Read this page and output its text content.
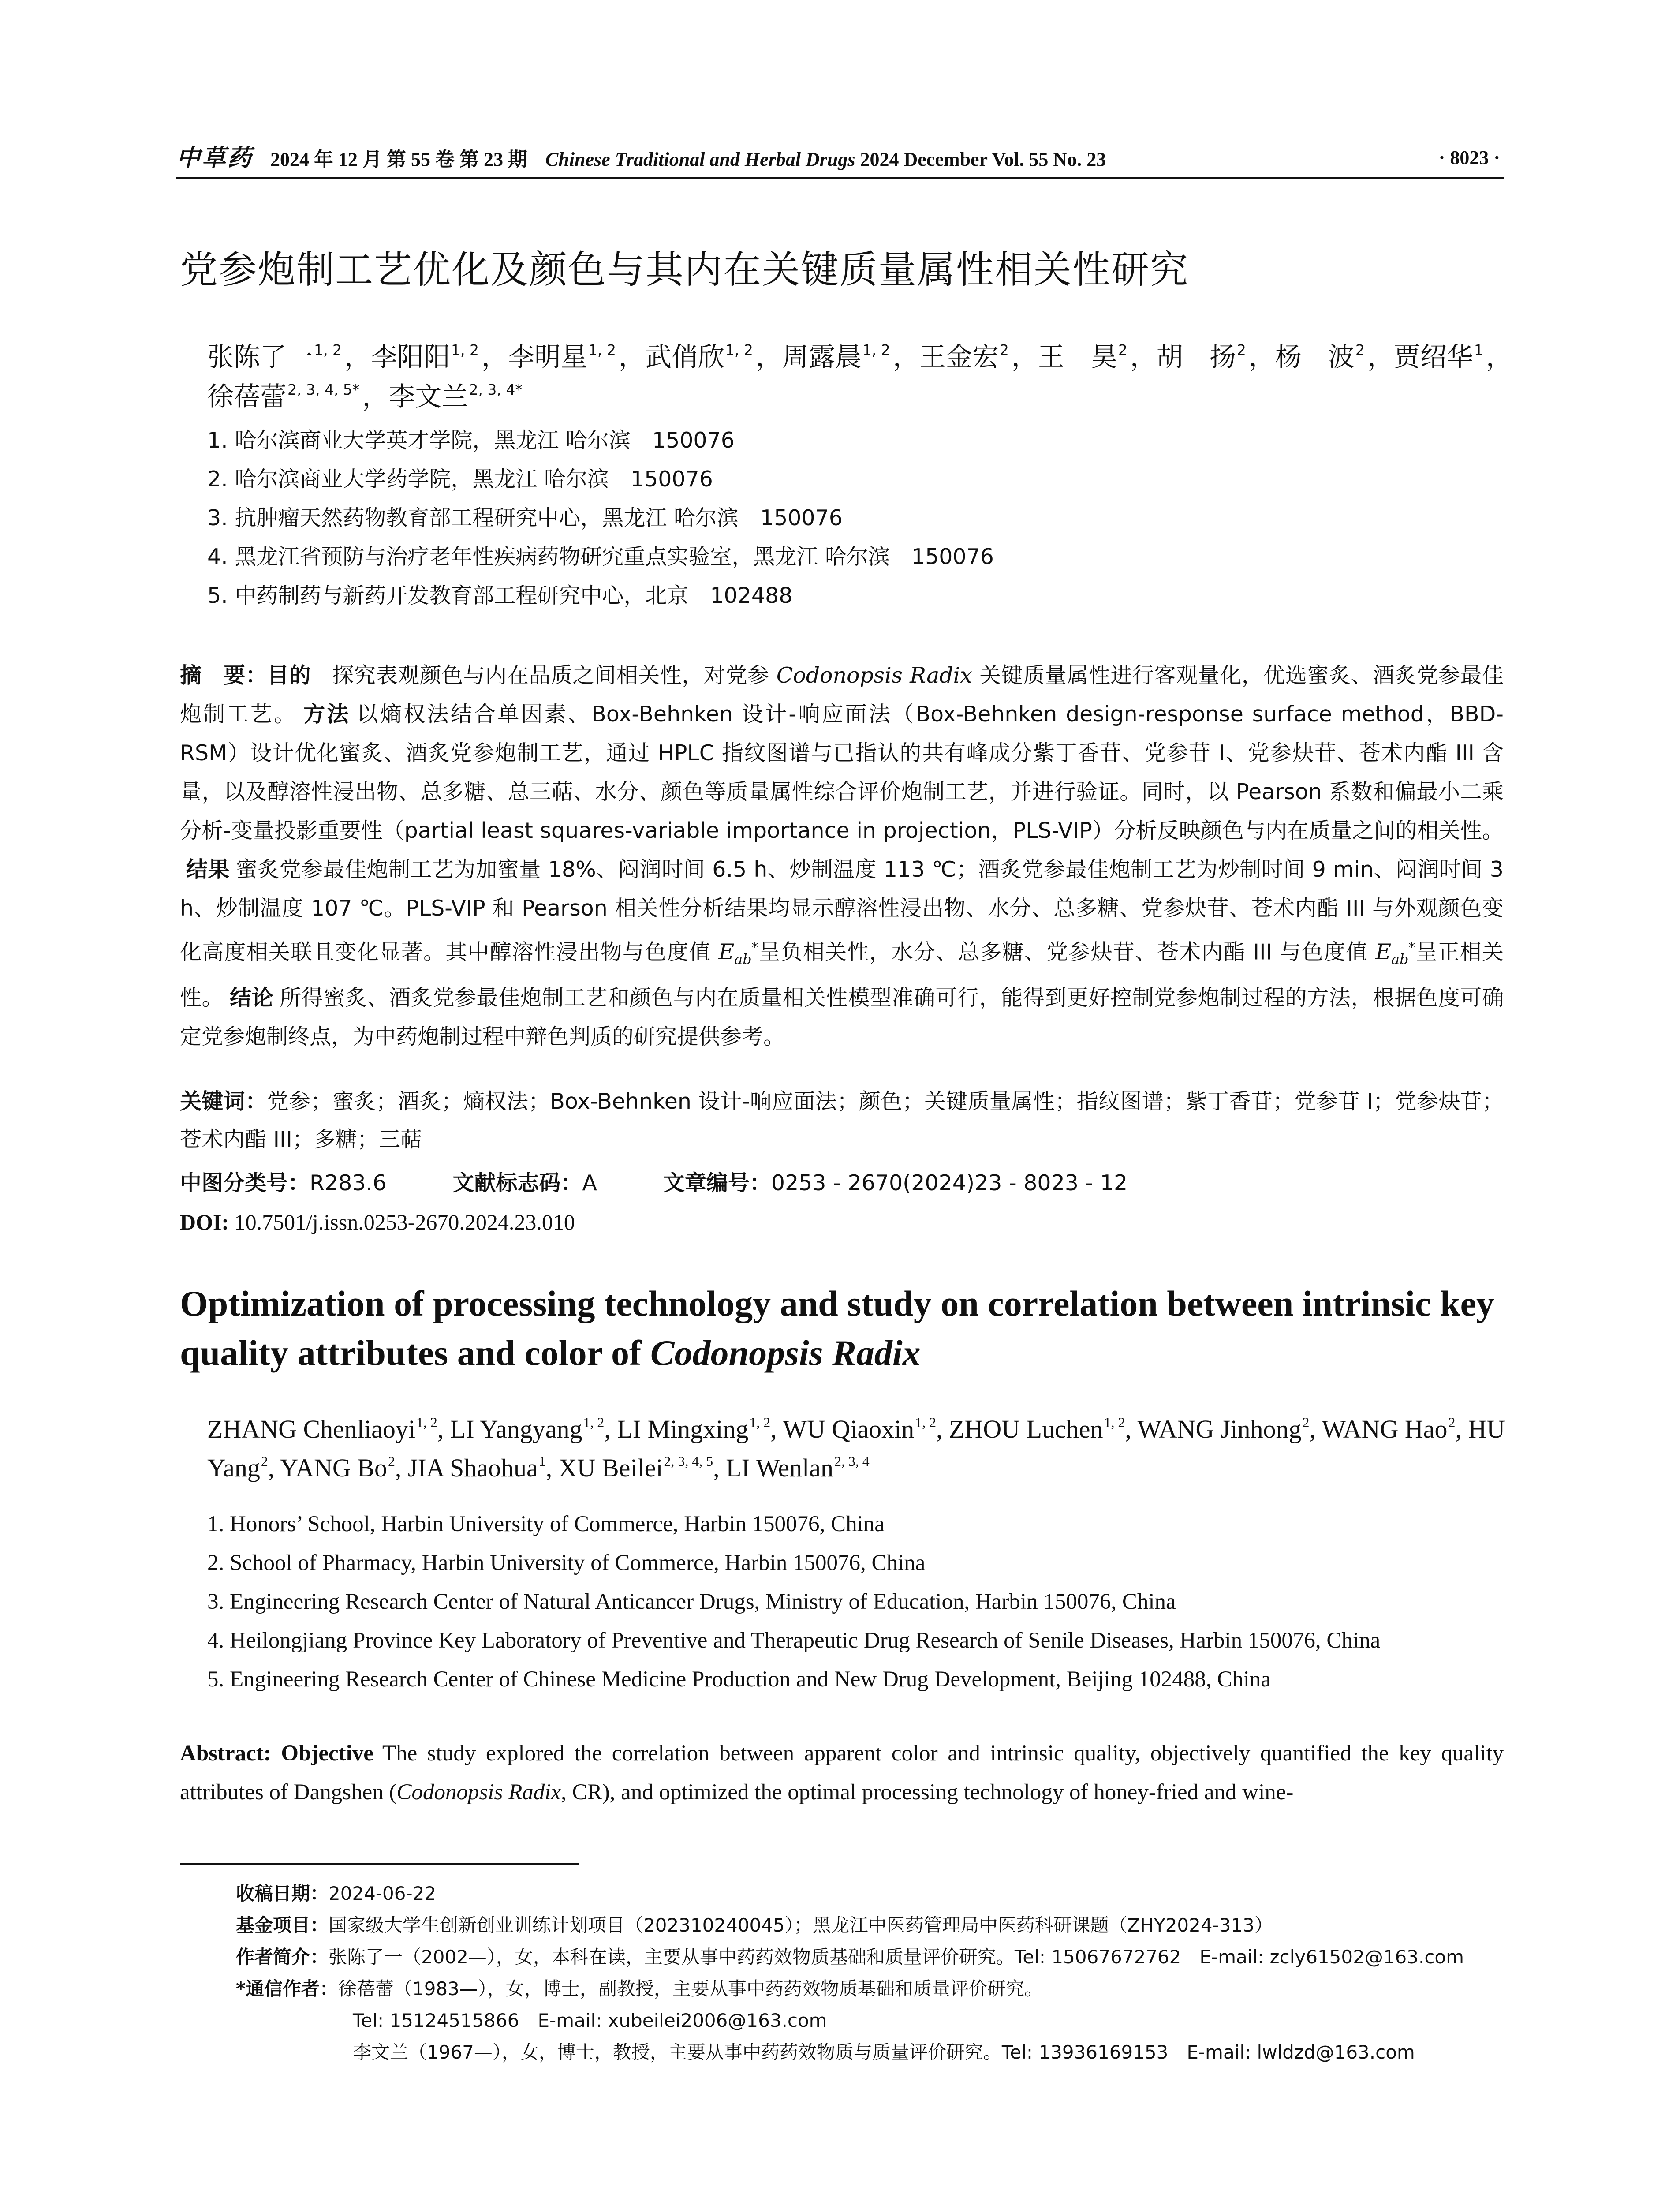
中草药 2024 年 12 月 第 55 卷 第 23 期 Chinese Traditional and Herbal Drugs 2024 December Vol. 55 No. 23	· 8023 ·
党参炮制工艺优化及颜色与其内在关键质量属性相关性研究
张陈了一$^{1, 2}$ ，李阳阳$^{1, 2}$ ，李明星$^{1, 2}$ ，武俏欣$^{1, 2}$ ，周露晨$^{1, 2}$ ，王金宏$^2$ ，王　昊$^2$ ，胡　扬$^2$ ，杨　波$^2$ ，贾绍华$^1$ ，徐蓓蕾$^{2, 3, 4, 5*}$ ，李文兰$^{2, 3, 4*}$
1. 哈尔滨商业大学英才学院，黑龙江 哈尔滨　150076
2. 哈尔滨商业大学药学院，黑龙江 哈尔滨　150076
3. 抗肿瘤天然药物教育部工程研究中心，黑龙江 哈尔滨　150076
4. 黑龙江省预防与治疗老年性疾病药物研究重点实验室，黑龙江 哈尔滨　150076
5. 中药制药与新药开发教育部工程研究中心，北京　102488
摘　要：目的 探究表观颜色与内在品质之间相关性，对党参 Codonopsis Radix 关键质量属性进行客观量化，优选蜜炙、酒炙党参最佳炮制工艺。 方法 以熵权法结合单因素、Box-Behnken 设计-响应面法（Box-Behnken design-response surface method，BBD-RSM）设计优化蜜炙、酒炙党参炮制工艺，通过 HPLC 指纹图谱与已指认的共有峰成分紫丁香苷、党参苷 I、党参炔苷、苍术内酯 III 含量，以及醇溶性浸出物、总多糖、总三萜、水分、颜色等质量属性综合评价炮制工艺，并进行验证。同时，以 Pearson 系数和偏最小二乘分析-变量投影重要性（partial least squares-variable importance in projection，PLS-VIP）分析反映颜色与内在质量之间的相关性。结果 蜜炙党参最佳炮制工艺为加蜜量 18%、闷润时间 6.5 h、炒制温度 113 ℃；酒炙党参最佳炮制工艺为炒制时间 9 min、闷润时间 3 h、炒制温度 107 ℃。PLS-VIP 和 Pearson 相关性分析结果均显示醇溶性浸出物、水分、总多糖、党参炔苷、苍术内酯 III 与外观颜色变化高度相关联且变化显著。其中醇溶性浸出物与色度值 $E_{ab}^*$呈负相关性，水分、总多糖、党参炔苷、苍术内酯 III 与色度值 $E_{ab}^*$呈正相关性。 结论 所得蜜炙、酒炙党参最佳炮制工艺和颜色与内在质量相关性模型准确可行，能得到更好控制党参炮制过程的方法，根据色度可确定党参炮制终点，为中药炮制过程中辩色判质的研究提供参考。
关键词：党参；蜜炙；酒炙；熵权法；Box-Behnken 设计-响应面法；颜色；关键质量属性；指纹图谱；紫丁香苷；党参苷 I；党参炔苷；苍术内酯 III；多糖；三萜
中图分类号：R283.6	文献标志码：A	文章编号：0253 - 2670(2024)23 - 8023 - 12
DOI: 10.7501/j.issn.0253-2670.2024.23.010
Optimization of processing technology and study on correlation between intrinsic key quality attributes and color of Codonopsis Radix
ZHANG Chenliaoyi$^{1, 2}$, LI Yangyang$^{1, 2}$, LI Mingxing$^{1, 2}$, WU Qiaoxin$^{1, 2}$, ZHOU Luchen$^{1, 2}$, WANG Jinhong$^2$, WANG Hao$^2$, HU Yang$^2$, YANG Bo$^2$, JIA Shaohua$^1$, XU Beilei$^{2, 3, 4, 5}$, LI Wenlan$^{2, 3, 4}$
1. Honors’ School, Harbin University of Commerce, Harbin 150076, China
2. School of Pharmacy, Harbin University of Commerce, Harbin 150076, China
3. Engineering Research Center of Natural Anticancer Drugs, Ministry of Education, Harbin 150076, China
4. Heilongjiang Province Key Laboratory of Preventive and Therapeutic Drug Research of Senile Diseases, Harbin 150076, China
5. Engineering Research Center of Chinese Medicine Production and New Drug Development, Beijing 102488, China
Abstract: Objective The study explored the correlation between apparent color and intrinsic quality, objectively quantified the key quality attributes of Dangshen (Codonopsis Radix, CR), and optimized the optimal processing technology of honey-fried and wine-
收稿日期：2024-06-22
基金项目：国家级大学生创新创业训练计划项目（202310240045）；黑龙江中医药管理局中医药科研课题（ZHY2024-313）
作者简介：张陈了一（2002—），女，本科在读，主要从事中药药效物质基础和质量评价研究。Tel: 15067672762　E-mail: zcly61502@163.com
*通信作者：徐蓓蕾（1983—），女，博士，副教授，主要从事中药药效物质基础和质量评价研究。
Tel: 15124515866　E-mail: xubeilei2006@163.com
李文兰（1967—），女，博士，教授，主要从事中药药效物质与质量评价研究。Tel: 13936169153　E-mail: lwldzd@163.com
